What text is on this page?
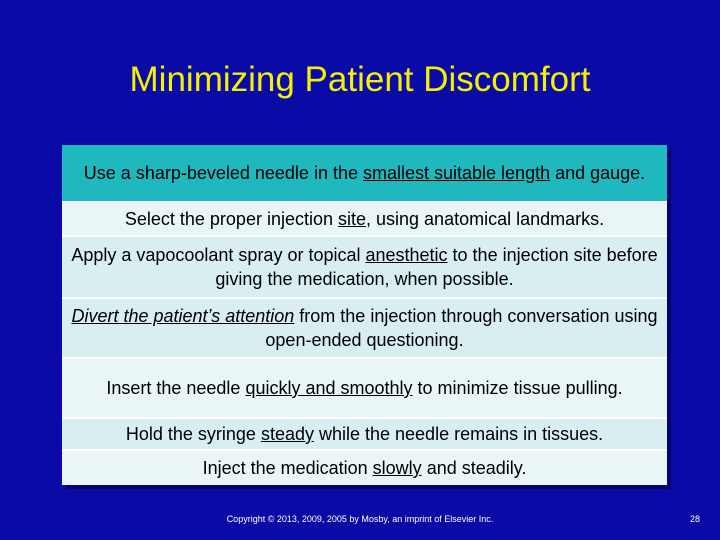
Minimizing Patient Discomfort
Use a sharp-beveled needle in the smallest suitable length and gauge.
Select the proper injection site, using anatomical landmarks.
Apply a vapocoolant spray or topical anesthetic to the injection site before giving the medication, when possible.
Divert the patient’s attention from the injection through conversation using open-ended questioning.
Insert the needle quickly and smoothly to minimize tissue pulling.
Hold the syringe steady while the needle remains in tissues.
Inject the medication slowly and steadily.
Copyright © 2013, 2009, 2005 by Mosby, an imprint of Elsevier Inc.	28
